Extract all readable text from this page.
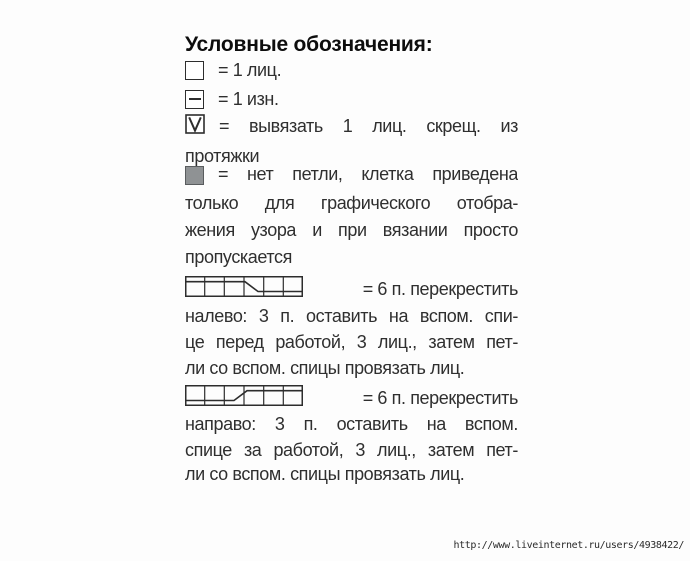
Условные обозначения:
= 1 лиц.
= 1 изн.
= вывязать 1 лиц. скрещ. из
протяжки
= нет петли, клетка приведена
только для графического отобра-
жения узора и при вязании просто
пропускается
= 6 п. перекрестить
налево: 3 п. оставить на вспом. спи-
це перед работой, 3 лиц., затем пет-
ли со вспом. спицы провязать лиц.
= 6 п. перекрестить
направо: 3 п. оставить на вспом.
спице за работой, 3 лиц., затем пет-
ли со вспом. спицы провязать лиц.
http://www.liveinternet.ru/users/4938422/
